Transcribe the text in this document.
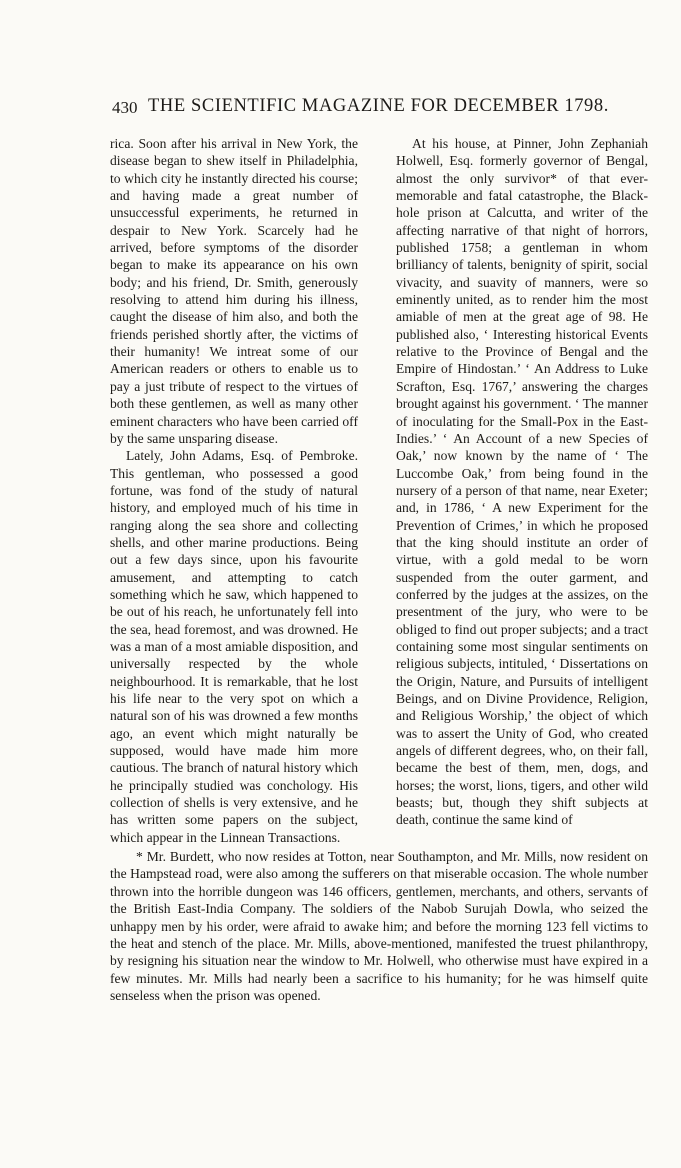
430 THE SCIENTIFIC MAGAZINE FOR DECEMBER 1798.

rica. Soon after his arrival in New York, the disease began to shew itself in Philadelphia, to which city he instantly directed his course; and having made a great number of unsuccessful experiments, he returned in despair to New York. Scarcely had he arrived, before symptoms of the disorder began to make its appearance on his own body; and his friend, Dr. Smith, generously resolving to attend him during his illness, caught the disease of him also, and both the friends perished shortly after, the victims of their humanity! We intreat some of our American readers or others to enable us to pay a just tribute of respect to the virtues of both these gentlemen, as well as many other eminent characters who have been carried off by the same unsparing disease.

Lately, John Adams, Esq. of Pembroke. This gentleman, who possessed a good fortune, was fond of the study of natural history, and employed much of his time in ranging along the sea shore and collecting shells, and other marine productions. Being out a few days since, upon his favourite amusement, and attempting to catch something which he saw, which happened to be out of his reach, he unfortunately fell into the sea, head foremost, and was drowned. He was a man of a most amiable disposition, and universally respected by the whole neighbourhood. It is remarkable, that he lost his life near to the very spot on which a natural son of his was drowned a few months ago, an event which might naturally be supposed, would have made him more cautious. The branch of natural history which he principally studied was conchology. His collection of shells is very extensive, and he has written some papers on the subject, which appear in the Linnean Transactions.

At his house, at Pinner, John Zephaniah Holwell, Esq. formerly governor of Bengal, almost the only survivor* of that ever-memorable and fatal catastrophe, the Black-hole prison at Calcutta, and writer of the affecting narrative of that night of horrors, published 1758; a gentleman in whom brilliancy of talents, benignity of spirit, social vivacity, and suavity of manners, were so eminently united, as to render him the most amiable of men at the great age of 98. He published also, ‘ Interesting historical Events relative to the Province of Bengal and the Empire of Hindostan.’ ‘ An Address to Luke Scrafton, Esq. 1767,’ answering the charges brought against his government. ‘ The manner of inoculating for the Small-Pox in the East-Indies.’ ‘ An Account of a new Species of Oak,’ now known by the name of ‘ The Luccombe Oak,’ from being found in the nursery of a person of that name, near Exeter; and, in 1786, ‘ A new Experiment for the Prevention of Crimes,’ in which he proposed that the king should institute an order of virtue, with a gold medal to be worn suspended from the outer garment, and conferred by the judges at the assizes, on the presentment of the jury, who were to be obliged to find out proper subjects; and a tract containing some most singular sentiments on religious subjects, intituled, ‘ Dissertations on the Origin, Nature, and Pursuits of intelligent Beings, and on Divine Providence, Religion, and Religious Worship,’ the object of which was to assert the Unity of God, who created angels of different degrees, who, on their fall, became the best of them, men, dogs, and horses; the worst, lions, tigers, and other wild beasts; but, though they shift subjects at death, continue the same kind of

* Mr. Burdett, who now resides at Totton, near Southampton, and Mr. Mills, now resident on the Hampstead road, were also among the sufferers on that miserable occasion. The whole number thrown into the horrible dungeon was 146 officers, gentlemen, merchants, and others, servants of the British East-India Company. The soldiers of the Nabob Surujah Dowla, who seized the unhappy men by his order, were afraid to awake him; and before the morning 123 fell victims to the heat and stench of the place. Mr. Mills, above-mentioned, manifested the truest philanthropy, by resigning his situation near the window to Mr. Holwell, who otherwise must have expired in a few minutes. Mr. Mills had nearly been a sacrifice to his humanity; for he was himself quite senseless when the prison was opened.
